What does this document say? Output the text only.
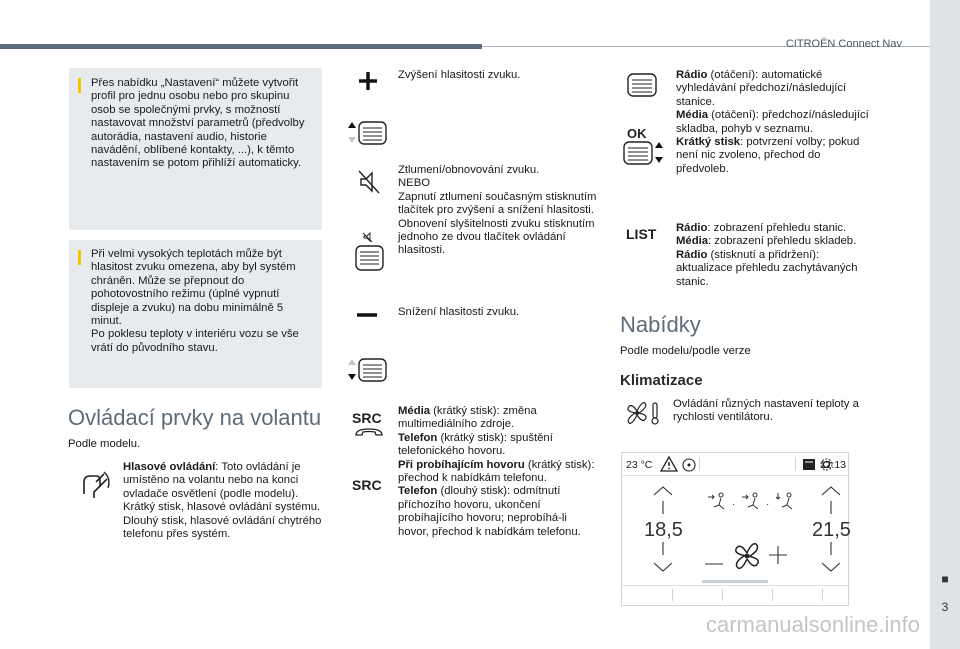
CITROËN Connect Nav
■
3
Přes nabídku „Nastavení“ můžete vytvořit profil pro jednu osobu nebo pro skupinu osob se společnými prvky, s možností nastavovat množství parametrů (předvolby autorádia, nastavení audio, historie navádění, oblíbené kontakty, ...), k těmto nastavením se potom přihlíží automaticky.
Při velmi vysokých teplotách může být hlasitost zvuku omezena, aby byl systém chráněn. Může se přepnout do pohotovostního režimu (úplné vypnutí displeje a zvuku) na dobu minimálně 5 minut.
Po poklesu teploty v interiéru vozu se vše vrátí do původního stavu.
Ovládací prvky na volantu
Podle modelu.
Hlasové ovládání: Toto ovládání je umístěno na volantu nebo na konci ovladače osvětlení (podle modelu).
Krátký stisk, hlasové ovládání systému.
Dlouhý stisk, hlasové ovládání chytrého telefonu přes systém.
Zvýšení hlasitosti zvuku.
Ztlumení/obnovování zvuku.
NEBO
Zapnutí ztlumení současným stisknutím tlačítek pro zvýšení a snížení hlasitosti.
Obnovení slyšitelnosti zvuku stisknutím jednoho ze dvou tlačítek ovládání hlasitosti.
Snížení hlasitosti zvuku.
SRC
SRC
Média (krátký stisk): změna multimediálního zdroje.
Telefon (krátký stisk): spuštění telefonického hovoru.
Při probíhajícím hovoru (krátký stisk): přechod k nabídkám telefonu.
Telefon (dlouhý stisk): odmítnutí příchozího hovoru, ukončení probíhajícího hovoru; neprobíhá-li hovor, přechod k nabídkám telefonu.
OK
Rádio (otáčení): automatické vyhledávání předchozí/následující stanice.
Média (otáčení): předchozí/následující skladba, pohyb v seznamu.
Krátký stisk: potvrzení volby; pokud není nic zvoleno, přechod do předvoleb.
LIST Rádio: zobrazení přehledu stanic.
Média: zobrazení přehledu skladeb.
Rádio (stisknutí a přidržení): aktualizace přehledu zachytávaných stanic.
Nabídky
Podle modelu/podle verze
Klimatizace
Ovládání různých nastavení teploty a rychlosti ventilátoru.
23 °C	12:13
18,5	21,5
·	·
carmanualsonline.info
